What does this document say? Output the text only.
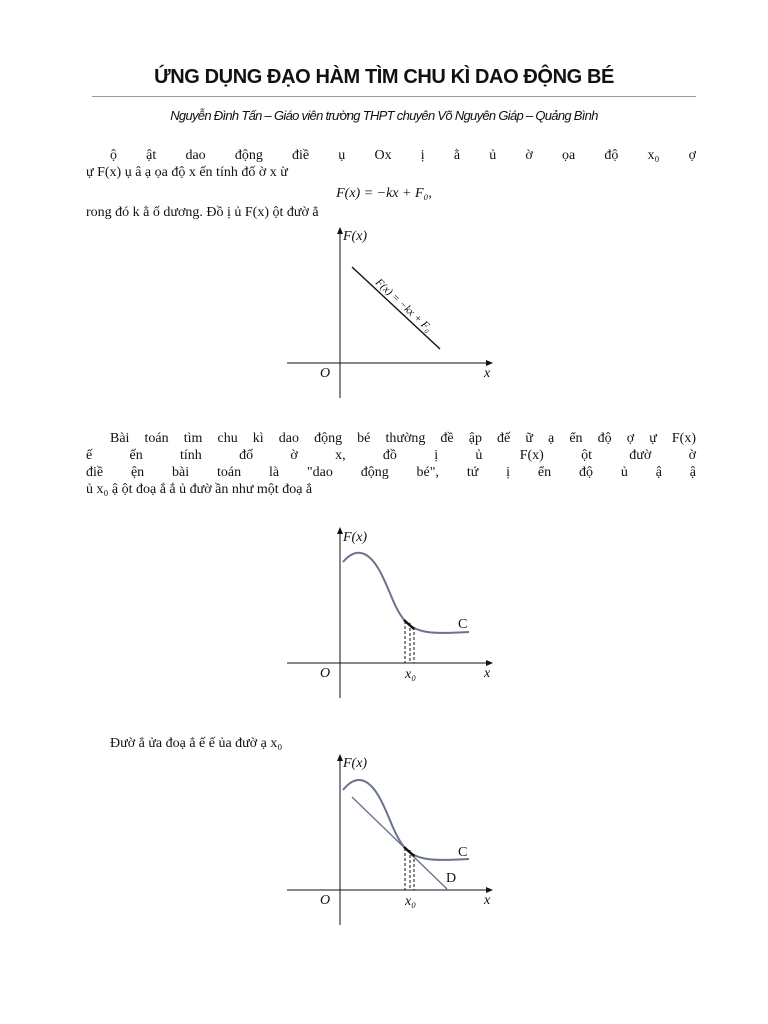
ỨNG DỤNG ĐẠO HÀM TÌM CHU KÌ DAO ĐỘNG BÉ
Nguyễn Đình Tấn – Giáo viên trường THPT chuyên Võ Nguyên Giáp – Quảng Bình

ộ ật dao động điề ụ Ox ị ằ ủ ờ ọa độ x₀ ợ

ự F(x) ụ â ạ ọa độ x ến tính đố ờ x ừ

F(x) = −kx + F₀,

rong đó k ằ ố dương. Đồ ị ủ F(x) ột đườ ẳ

Bài toán tìm chu kì dao động bé thường đề ập đế ữ ạ ển độ ợ ự F(x)

ế ến tính đố ờ x, đồ ị ủ F(x) ột đườ ờ

điề ện bài toán là "dao động bé", tứ ị ển độ ủ ậ ậ

ủ x₀ ậ ột đoạ ắ ắ ủ đườ ần như một đoạ ẳ

Đườ ẳ ửa đoạ ẳ ế ế ủa đườ ạ x₀

F(x)
x
O
F(x) = −kx + F₀
F(x)
x
O	x₀
C
F(x)
x
O	x₀
C
D
